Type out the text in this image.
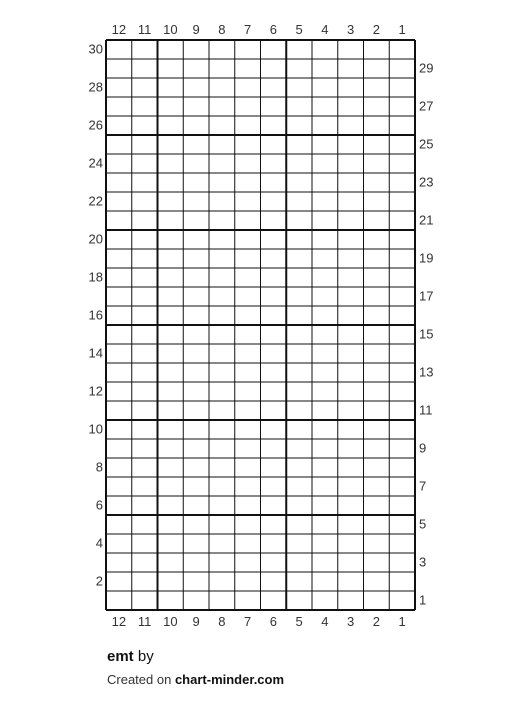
12 11 10 9 8 7 6 5 4 3 2 1
12 11 10 9 8 7 6 5 4 3 2 1
30
28
26
24
22
20
18
16
14
12
10
8
6
4
2
29
27
25
23
21
19
17
15
13
11
9
7
5
3
1
emt by
Created on chart-minder.com
